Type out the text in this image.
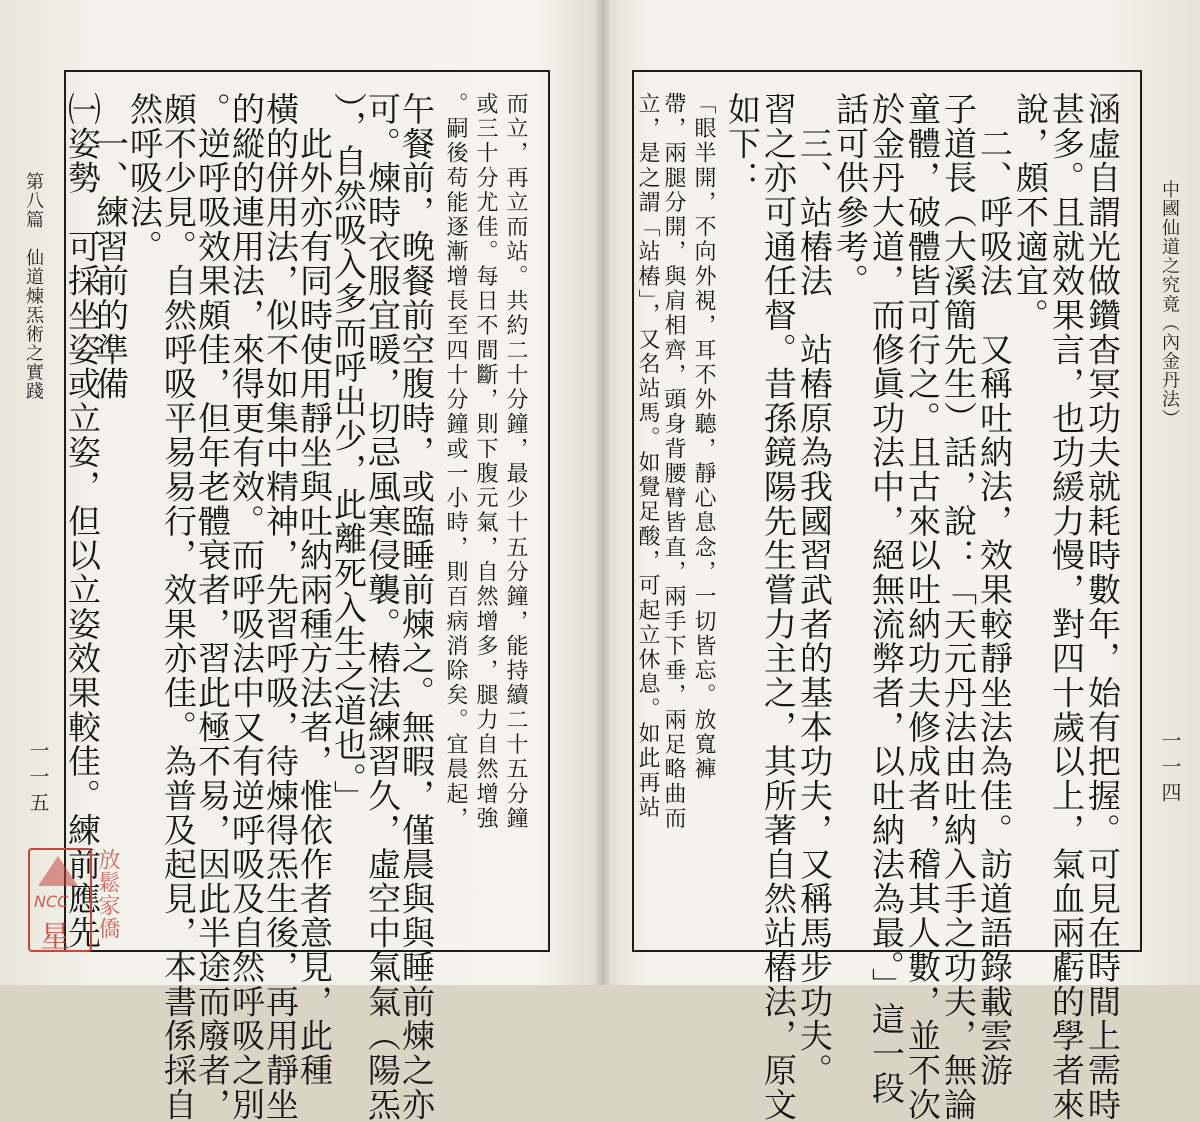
第八篇　仙道煉炁術之實踐
一一五	而立，再立而站。共約二十分鐘，最少十五分鐘，能持續二十五分鐘
或三十分尤佳。每日不間斷，則下腹元氣，自然增多，腿力自然增強
。嗣後苟能逐漸增長至四十分鐘或一小時，則百病消除矣。宜晨起，
午餐前，晚餐前空腹時，或臨睡前煉之。無暇，僅晨與與睡前煉之亦
可。煉時衣服宜暖，切忌風寒侵襲。樁法練習久，虛空中氣氣（陽炁
），自然吸入多而呼出少，此離死入生之道也。」
　此外亦有同時使用靜坐與吐納兩種方法者，惟依作者意見，此種
橫的併用法，似不如集中精神，先習呼吸，待煉得炁生後，再用靜坐
的縱的連用法，來得更有效。而呼吸法中又有逆呼吸及自然呼吸之別
。逆呼吸效果頗佳，但年老體衰者，習此極不易，因此半途而廢者，
頗不少見。自然呼吸平易易行，效果亦佳。為普及起見，本書係採自
然呼吸法。
　一、練習前的準備
㈠姿勢　可採坐姿或立姿，但以立姿效果較佳。練前應先	中國仙道之究竟（內金丹法）
一一四
涵虛自謂光做鑽杳冥功夫就耗時數年，始有把握。可見在時間上需時
甚多。且就效果言，也功緩力慢，對四十歲以上，氣血兩虧的學者來
說，頗不適宜。
　二、呼吸法　又稱吐納法，效果較靜坐法為佳。訪道語錄載雲游
子道長（大溪簡先生）話，說：「天元丹法由吐納入手之功夫，無論
童體，破體皆可行之。且古來以吐納功夫修成者，稽其人數，並不次
於金丹大道，而修眞功法中，絕無流弊者，以吐納法為最。」這一段
話可供參考。
　三、站樁法　站樁原為我國習武者的基本功夫，又稱馬步功夫。
習之亦可通任督。昔孫鏡陽先生嘗力主之，其所著自然站樁法，原文
如下：
「眼半開，不向外視，耳不外聽，靜心息念，一切皆忘。放寬褲
帶，兩腿分開，與肩相齊，頭身背腰臂皆直，兩手下垂，兩足略曲而
立，是之謂「站樁」，又名站馬。如覺足酸，可起立休息。如此再站
NCC
星 放鬆家僑
